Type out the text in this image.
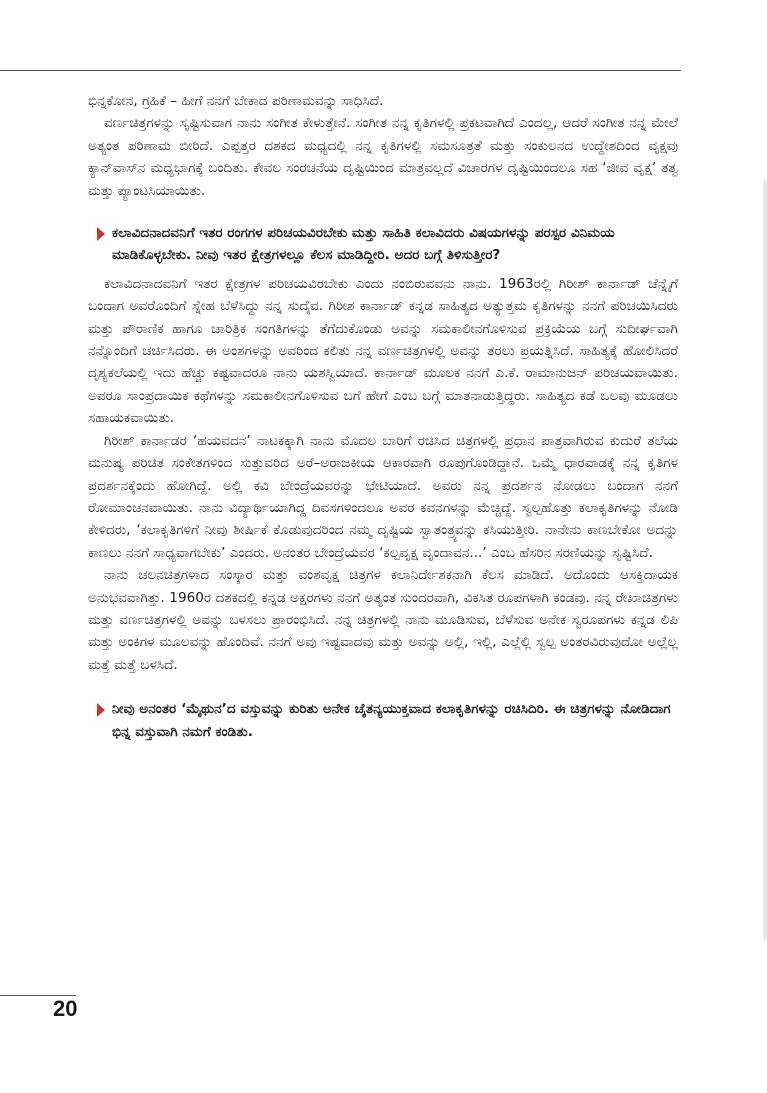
ಭಿನ್ನಕೋನ, ಗ್ರಹಿಕೆ – ಹೀಗೆ ನನಗೆ ಬೇಕಾದ ಪರಿಣಾಮವನ್ನು ಸಾಧಿಸಿದೆ.

ವರ್ಣಚಿತ್ರಗಳನ್ನು ಸೃಷ್ಟಿಸುವಾಗ ನಾನು ಸಂಗೀತ ಕೇಳುತ್ತೇನೆ. ಸಂಗೀತ ನನ್ನ ಕೃತಿಗಳಲ್ಲಿ ಪ್ರಕಟವಾಗಿದೆ ಎಂದಲ್ಲ, ಆದರೆ ಸಂಗೀತ ನನ್ನ ಮೇಲೆ ಅತ್ಯಂತ ಪರಿಣಾಮ ಬೀರಿದೆ. ಎಪ್ಪತ್ತರ ದಶಕದ ಮಧ್ಯದಲ್ಲಿ ನನ್ನ ಕೃತಿಗಳಲ್ಲಿ ಸಮಸೂತ್ರತೆ ಮತ್ತು ಸಂಕುಲನದ ಉದ್ದೇಶದಿಂದ ವೃಕ್ಷವು ಕ್ಯಾನ್‌ವಾಸ್‌ನ ಮಧ್ಯಭಾಗಕ್ಕೆ ಬಂದಿತು. ಕೇವಲ ಸಂರಚನೆಯ ದೃಷ್ಟಿಯಿಂದ ಮಾತ್ರವಲ್ಲದೆ ವಿಚಾರಗಳ ದೃಷ್ಟಿಯಿಂದಲೂ ಸಹ ‘ಜೀವ ವೃಕ್ಷ’ ತತ್ವ ಮತ್ತು ಪ್ಯಾಂಟಸಿಯಾಯಿತು.

ಕಲಾವಿದನಾದವನಿಗೆ ಇತರ ರಂಗಗಳ ಪರಿಚಯವಿರಬೇಕು ಮತ್ತು ಸಾಹಿತಿ ಕಲಾವಿದರು ವಿಷಯಗಳನ್ನು ಪರಸ್ಪರ ವಿನಿಮಯ ಮಾಡಿಕೊಳ್ಳಬೇಕು. ನೀವು ಇತರ ಕ್ಷೇತ್ರಗಳಲ್ಲೂ ಕೆಲಸ ಮಾಡಿದ್ದೀರಿ. ಅದರ ಬಗ್ಗೆ ತಿಳಿಸುತ್ತೀರ?

ಕಲಾವಿದನಾದವನಿಗೆ ಇತರ ಕ್ಷೇತ್ರಗಳ ಪರಿಚಯವಿರಬೇಕು ಎಂದು ನಂಬಿರುವವನು ನಾನು. 1963ರಲ್ಲಿ ಗಿರೀಶ್ ಕಾರ್ನಾಡ್ ಚೆನ್ನೈಗೆ ಬಂದಾಗ ಅವರೊಂದಿಗೆ ಸ್ನೇಹ ಬೆಳೆಸಿದ್ದು ನನ್ನ ಸುದೈವ. ಗಿರೀಶ ಕಾರ್ನಾಡ್ ಕನ್ನಡ ಸಾಹಿತ್ಯದ ಅತ್ಯುತ್ತಮ ಕೃತಿಗಳನ್ನು ನನಗೆ ಪರಿಚಯಿಸಿದರು ಮತ್ತು ಪೌರಾಣಿಕ ಹಾಗೂ ಚಾರಿತ್ರಿಕ ಸಂಗತಿಗಳನ್ನು ತೆಗೆದುಕೊಂಡು ಅವನ್ನು ಸಮಕಾಲೀನಗೊಳಿಸುವ ಪ್ರಕ್ರಿಯೆಯ ಬಗ್ಗೆ ಸುದೀರ್ಘವಾಗಿ ನನ್ನೊಂದಿಗೆ ಚರ್ಚಿಸಿದರು. ಈ ಅಂಶಗಳನ್ನು ಅವರಿಂದ ಕಲಿತು ನನ್ನ ವರ್ಣಚಿತ್ರಗಳಲ್ಲಿ ಅವನ್ನು ತರಲು ಪ್ರಯತ್ನಿಸಿದೆ. ಸಾಹಿತ್ಯಕ್ಕೆ ಹೋಲಿಸಿದರೆ ದೃಶ್ಯಕಲೆಯಲ್ಲಿ ಇದು ಹೆಚ್ಚು ಕಷ್ಟವಾದರೂ ನಾನು ಯಶಸ್ವಿಯಾದೆ. ಕಾರ್ನಾಡ್ ಮೂಲಕ ನನಗೆ ಎ.ಕೆ. ರಾಮಾನುಜನ್ ಪರಿಚಯವಾಯಿತು. ಅವರೂ ಸಾಂಪ್ರದಾಯಿಕ ಕಥೆಗಳನ್ನು ಸಮಕಾಲೀನಗೊಳಿಸುವ ಬಗೆ ಹೇಗೆ ಎಂಬ ಬಗ್ಗೆ ಮಾತನಾಡುತ್ತಿದ್ದರು. ಸಾಹಿತ್ಯದ ಕಡೆ ಒಲವು ಮೂಡಲು ಸಹಾಯಕವಾಯಿತು.

ಗಿರೀಶ್ ಕಾರ್ನಾಡರ ‘ಹಯವದನ’ ನಾಟಕಕ್ಕಾಗಿ ನಾನು ಮೊದಲ ಬಾರಿಗೆ ರಚಿಸಿದ ಚಿತ್ರಗಳಲ್ಲಿ ಪ್ರಧಾನ ಪಾತ್ರವಾಗಿರುವ ಕುದುರೆ ತಲೆಯ ಮನುಷ್ಯ ಪರಿಚಿತ ಸಂಕೇತಗಳಿಂದ ಸುತ್ತುವರಿದ ಅರೆ–ಅರಾಜಕೀಯ ಆಕಾರವಾಗಿ ರೂಪುಗೊಂಡಿದ್ದಾನೆ. ಒಮ್ಮೆ ಧಾರವಾಡಕ್ಕೆ ನನ್ನ ಕೃತಿಗಳ ಪ್ರದರ್ಶನಕ್ಕೆಂದು ಹೋಗಿದ್ದೆ. ಅಲ್ಲಿ ಕವಿ ಬೇಂದ್ರೆಯವರನ್ನು ಭೇಟಿಯಾದೆ. ಅವರು ನನ್ನ ಪ್ರದರ್ಶನ ನೋಡಲು ಬಂದಾಗ ನನಗೆ ರೋಮಾಂಚನವಾಯಿತು. ನಾನು ವಿದ್ಯಾರ್ಥಿಯಾಗಿದ್ದ ದಿವಸಗಳಿಂದಲೂ ಅವರ ಕವನಗಳನ್ನು ಮೆಚ್ಚಿದ್ದೆ. ಸ್ವಲ್ಪಹೊತ್ತು ಕಲಾಕೃತಿಗಳನ್ನು ನೋಡಿ ಕೇಳಿದರು, ‘ಕಲಾಕೃತಿಗಳಿಗೆ ನೀವು ಶೀರ್ಷಿಕೆ ಕೊಡುವುದರಿಂದ ನಮ್ಮ ದೃಷ್ಟಿಯ ಸ್ವಾತಂತ್ರ್ಯವನ್ನು ಕಸಿಯುತ್ತೀರಿ. ನಾನೇನು ಕಾಣಬೇಕೋ ಅದನ್ನು ಕಾಣಲು ನನಗೆ ಸಾಧ್ಯವಾಗಬೇಕು’ ಎಂದರು. ಅನಂತರ ಬೇಂದ್ರೆಯವರ ‘ಕಲ್ಪವೃಕ್ಷ ವೃಂದಾವನ...’ ಎಂಬ ಹೆಸರಿನ ಸರಣಿಯನ್ನು ಸೃಷ್ಟಿಸಿದೆ.

ನಾನು ಚಲನಚಿತ್ರಗಳಾದ ಸಂಸ್ಕಾರ ಮತ್ತು ವಂಶವೃಕ್ಷ ಚಿತ್ರಗಳ ಕಲಾನಿರ್ದೇಶಕನಾಗಿ ಕೆಲಸ ಮಾಡಿದೆ. ಅದೊಂದು ಆಸಕ್ತಿದಾಯಕ ಅನುಭವವಾಗಿತ್ತು. 1960ರ ದಶಕದಲ್ಲಿ ಕನ್ನಡ ಅಕ್ಷರಗಳು ನನಗೆ ಅತ್ಯಂತ ಸುಂದರವಾಗಿ, ವಿಕಸಿತ ರೂಪಗಳಾಗಿ ಕಂಡವು. ನನ್ನ ರೇಖಾಚಿತ್ರಗಳು ಮತ್ತು ವರ್ಣಚಿತ್ರಗಳಲ್ಲಿ ಅವನ್ನು ಬಳಸಲು ಪ್ರಾರಂಭಿಸಿದೆ. ನನ್ನ ಚಿತ್ರಗಳಲ್ಲಿ ನಾನು ಮೂಡಿಸುವ, ಬೆಳೆಸುವ ಅನೇಕ ಸ್ವರೂಪಗಳು ಕನ್ನಡ ಲಿಪಿ ಮತ್ತು ಅಂಕಿಗಳ ಮೂಲವನ್ನು ಹೊಂದಿವೆ. ನನಗೆ ಅವು ಇಷ್ಟವಾದವು ಮತ್ತು ಅವನ್ನು ಅಲ್ಲಿ, ಇಲ್ಲಿ, ಎಲ್ಲೆಲ್ಲಿ ಸ್ವಲ್ಪ ಅಂತರವಿರುವುದೋ ಅಲ್ಲೆಲ್ಲ ಮತ್ತೆ ಮತ್ತೆ ಬಳಸಿದೆ.

ನೀವು ಅನಂತರ ‘ಮೈಥುನ’ದ ವಸ್ತುವನ್ನು ಕುರಿತು ಅನೇಕ ಚೈತನ್ಯಯುಕ್ತವಾದ ಕಲಾಕೃತಿಗಳನ್ನು ರಚಿಸಿದಿರಿ. ಈ ಚಿತ್ರಗಳನ್ನು ನೋಡಿದಾಗ ಭಿನ್ನ ವಸ್ತುವಾಗಿ ನಮಗೆ ಕಂಡಿತು.
20
